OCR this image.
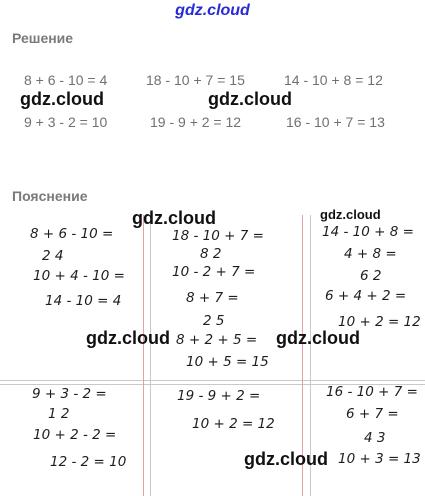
gdz.cloud
Решение
8 + 6 - 10 = 4	18 - 10 + 7 = 15	14 - 10 + 8 = 12
9 + 3 - 2 = 10	19 - 9 + 2 = 12	16 - 10 + 7 = 13
Пояснение
8 + 6 - 10 =
2 4
10 + 4 - 10 =
14 - 10 = 4
18 - 10 + 7 =
8 2
10 - 2 + 7 =
8 + 7 =
2 5
8 + 2 + 5 =
10 + 5 = 15
14 - 10 + 8 =
4 + 8 =
6 2
6 + 4 + 2 =
10 + 2 = 12
9 + 3 - 2 =
1 2
10 + 2 - 2 =
12 - 2 = 10
19 - 9 + 2 =
10 + 2 = 12
16 - 10 + 7 =
6 + 7 =
4 3
10 + 3 = 13
gdz.cloud	gdz.cloud
gdz.cloud	gdz.cloud
gdz.cloud	gdz.cloud
gdz.cloud
